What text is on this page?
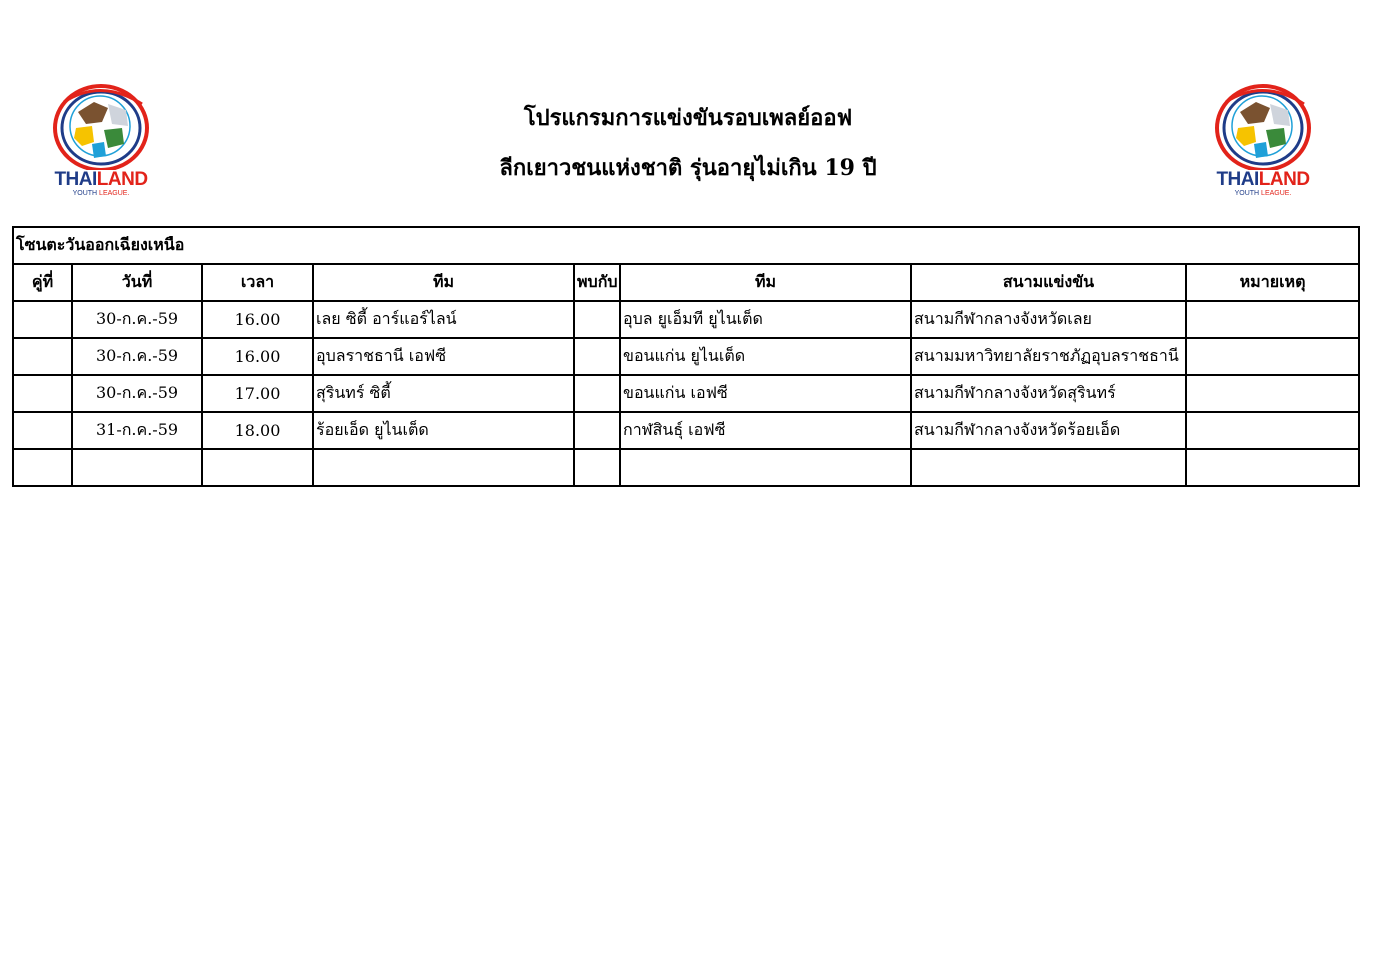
THAILAND
YOUTH LEAGUE.
THAILAND
YOUTH LEAGUE.
โปรแกรมการแข่งขันรอบเพลย์ออฟ
ลีกเยาวชนแห่งชาติ รุ่นอายุไม่เกิน 19 ปี
โซนตะวันออกเฉียงเหนือ							
คู่ที่	วันที่	เวลา	ทีม	พบกับ	ทีม	สนามแข่งขัน	หมายเหตุ
	30-ก.ค.-59	16.00	เลย ซิตี้ อาร์แอร์ไลน์		อุบล ยูเอ็มที ยูไนเต็ด	สนามกีฬากลางจังหวัดเลย	
	30-ก.ค.-59	16.00	อุบลราชธานี เอฟซี		ขอนแก่น ยูไนเต็ด	สนามมหาวิทยาลัยราชภัฏอุบลราชธานี	
	30-ก.ค.-59	17.00	สุรินทร์ ซิตี้		ขอนแก่น เอฟซี	สนามกีฬากลางจังหวัดสุรินทร์	
	31-ก.ค.-59	18.00	ร้อยเอ็ด ยูไนเต็ด		กาฬสินธุ์ เอฟซี	สนามกีฬากลางจังหวัดร้อยเอ็ด	
